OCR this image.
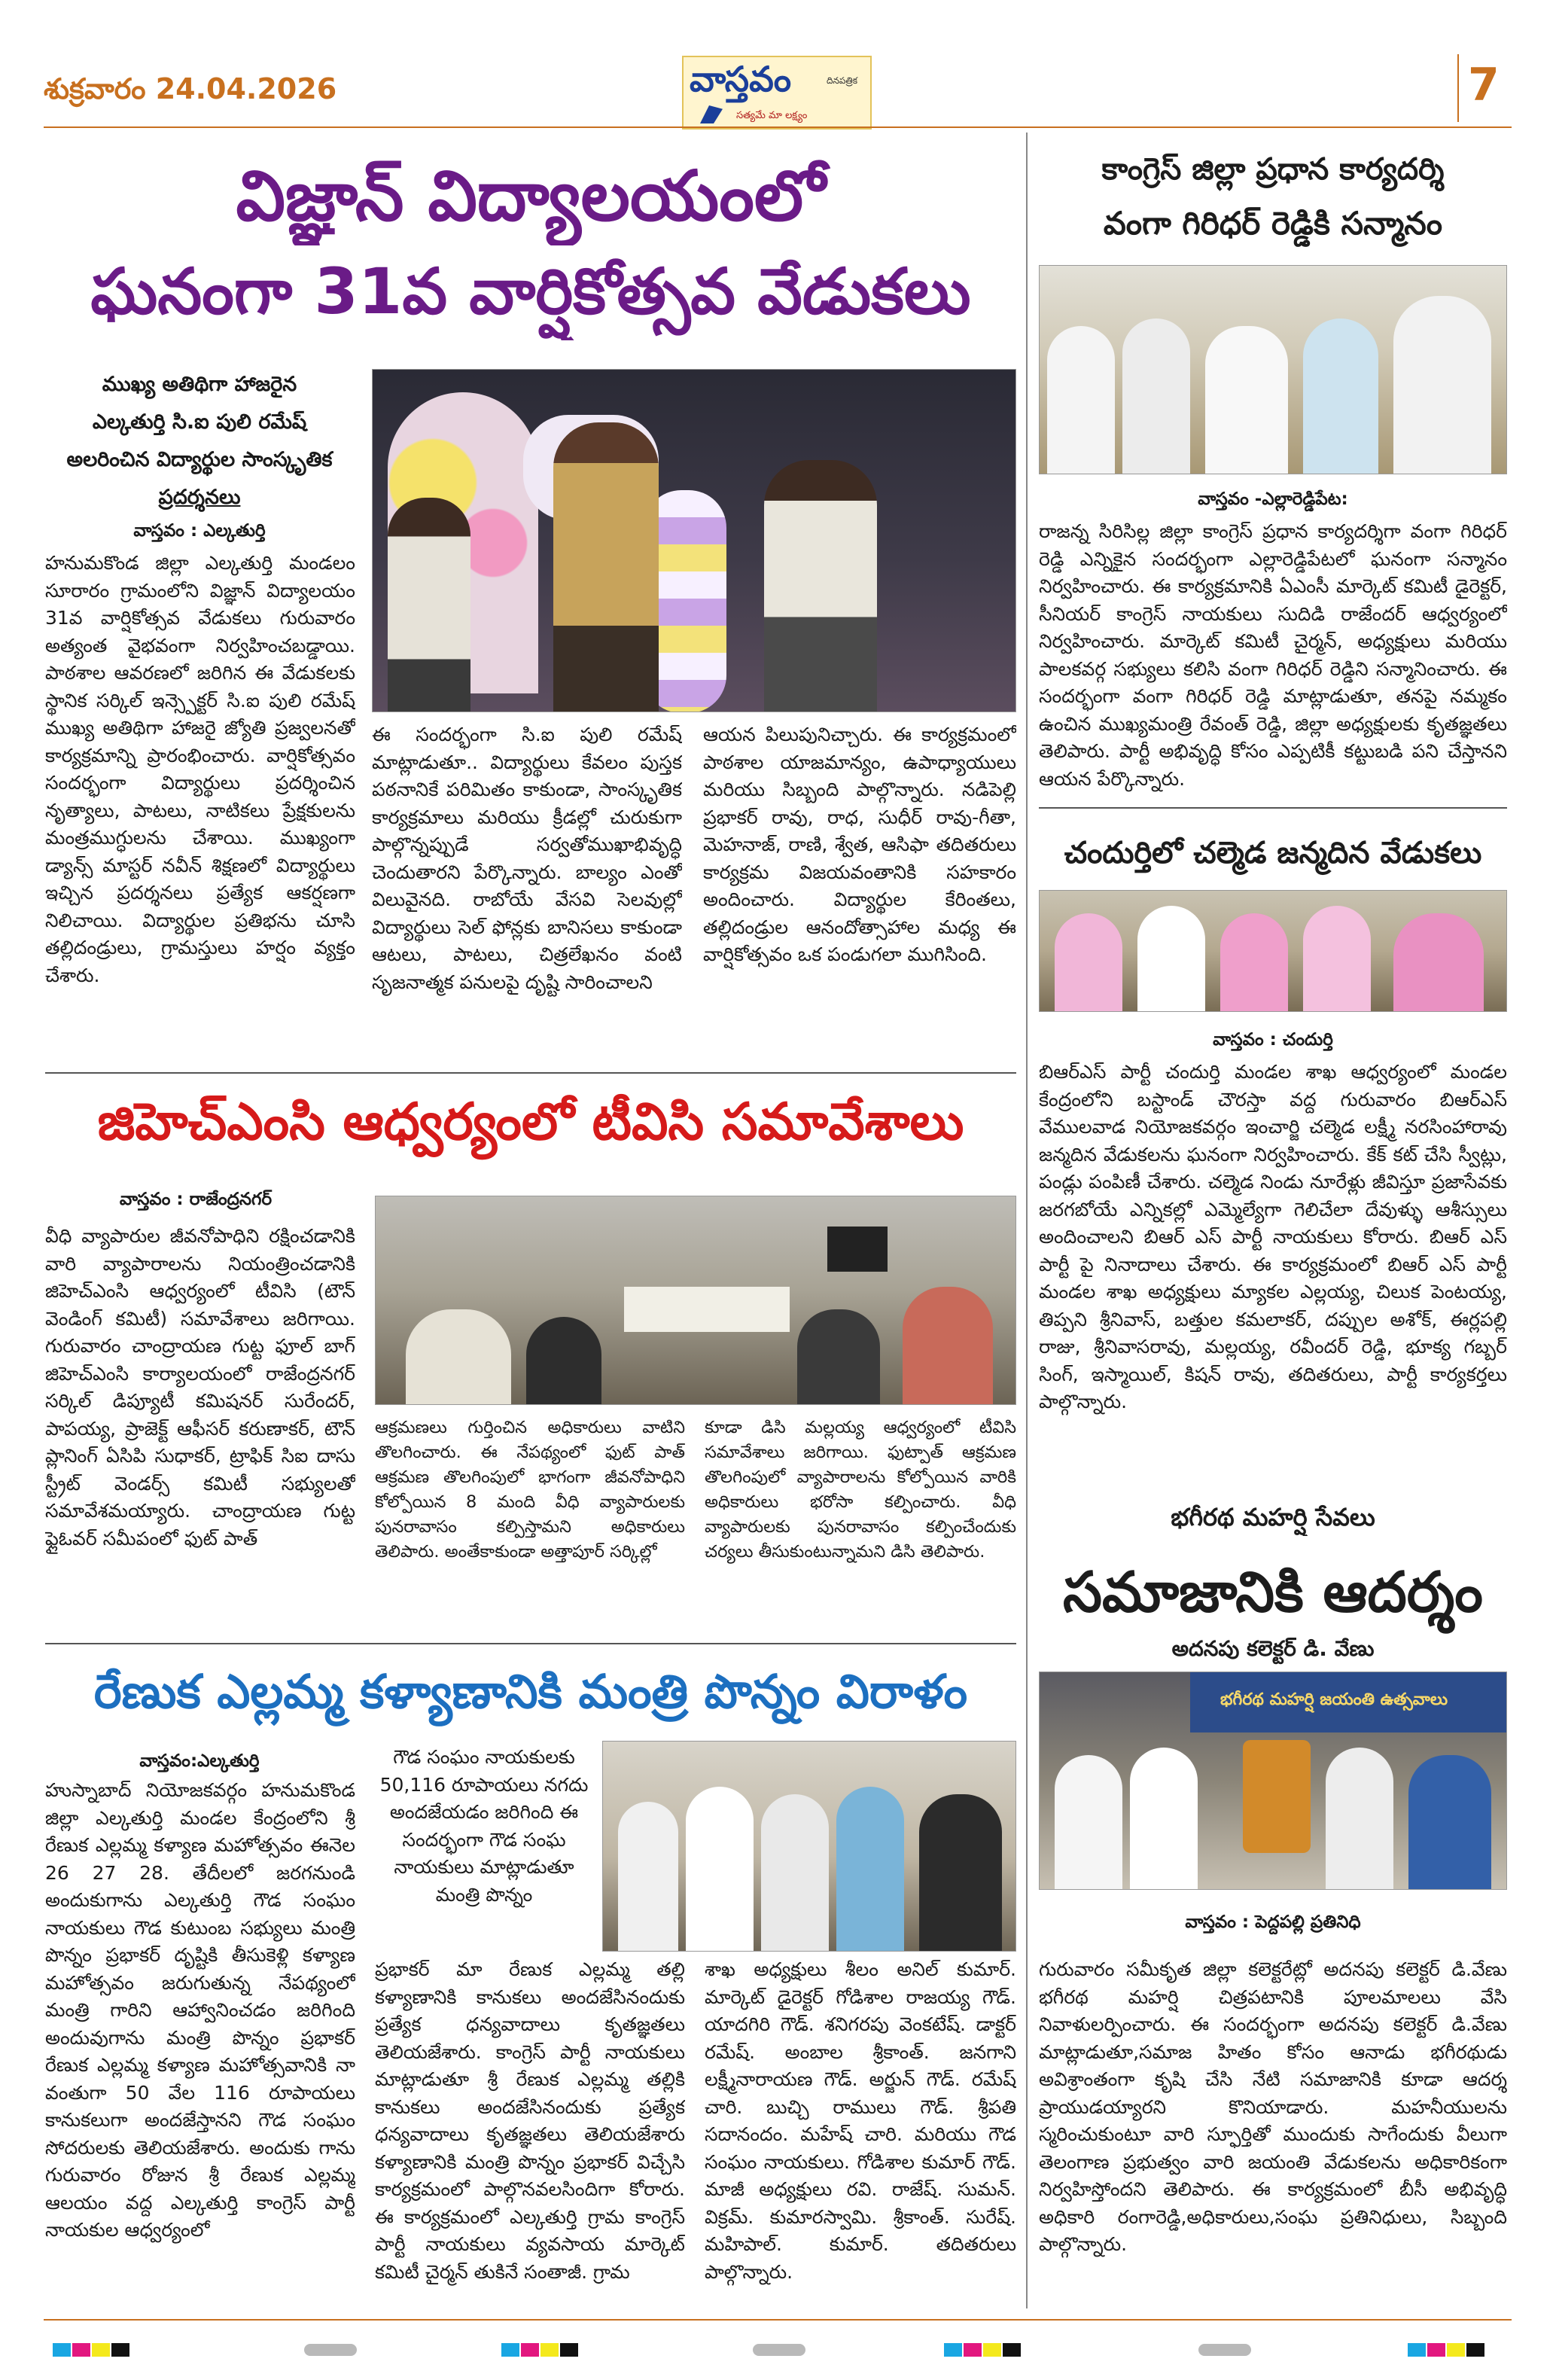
శుక్రవారం 24.04.2026	వాస్తవం	దినపత్రిక
సత్యమే మా లక్ష్యం
7
విజ్ఞాన్ విద్యాలయంలో
ఘనంగా 31వ వార్షికోత్సవ వేడుకలు
ముఖ్య అతిథిగా హాజరైన
ఎల్కతుర్తి సి.ఐ పులి రమేష్
అలరించిన విద్యార్థుల సాంస్కృతిక
ప్రదర్శనలు
వాస్తవం : ఎల్కతుర్తి
హనుమకొండ జిల్లా ఎల్కతుర్తి మండలం సూరారం గ్రామంలోని విజ్ఞాన్ విద్యాలయం 31వ వార్షికోత్సవ వేడుకలు గురువారం అత్యంత వైభవంగా నిర్వహించబడ్డాయి. పాఠశాల ఆవరణలో జరిగిన ఈ వేడుకలకు స్థానిక సర్కిల్ ఇన్స్పెక్టర్ సి.ఐ పులి రమేష్ ముఖ్య అతిథిగా హాజరై జ్యోతి ప్రజ్వలనతో కార్యక్రమాన్ని ప్రారంభించారు. వార్షికోత్సవం సందర్భంగా విద్యార్థులు ప్రదర్శించిన నృత్యాలు, పాటలు, నాటికలు ప్రేక్షకులను మంత్రముగ్ధులను చేశాయి. ముఖ్యంగా డ్యాన్స్ మాస్టర్ నవీన్ శిక్షణలో విద్యార్థులు ఇచ్చిన ప్రదర్శనలు ప్రత్యేక ఆకర్షణగా నిలిచాయి. విద్యార్థుల ప్రతిభను చూసి తల్లిదండ్రులు, గ్రామస్తులు హర్షం వ్యక్తం చేశారు.
ఈ సందర్భంగా సి.ఐ పులి రమేష్ మాట్లాడుతూ.. విద్యార్థులు కేవలం పుస్తక పఠనానికే పరిమితం కాకుండా, సాంస్కృతిక కార్యక్రమాలు మరియు క్రీడల్లో చురుకుగా పాల్గొన్నప్పుడే సర్వతోముఖాభివృద్ధి చెందుతారని పేర్కొన్నారు. బాల్యం ఎంతో విలువైనది. రాబోయే వేసవి సెలవుల్లో విద్యార్థులు సెల్ ఫోన్లకు బానిసలు కాకుండా ఆటలు, పాటలు, చిత్రలేఖనం వంటి సృజనాత్మక పనులపై దృష్టి సారించాలని
ఆయన పిలుపునిచ్చారు. ఈ కార్యక్రమంలో పాఠశాల యాజమాన్యం, ఉపాధ్యాయులు మరియు సిబ్బంది పాల్గొన్నారు. నడిపెల్లి ప్రభాకర్ రావు, రాధ, సుధీర్ రావు-గీతా, మెహనాజ్, రాణి, శ్వేత, ఆసిఫా తదితరులు కార్యక్రమ విజయవంతానికి సహకారం అందించారు. విద్యార్థుల కేరింతలు, తల్లిదండ్రుల ఆనందోత్సాహాల మధ్య ఈ వార్షికోత్సవం ఒక పండుగలా ముగిసింది.
జిహెచ్ఎంసి ఆధ్వర్యంలో టీవిసి సమావేశాలు
వాస్తవం : రాజేంద్రనగర్
వీధి వ్యాపారుల జీవనోపాధిని రక్షించడానికి వారి వ్యాపారాలను నియంత్రించడానికి జిహెచ్ఎంసి ఆధ్వర్యంలో టీవిసి (టౌన్ వెండింగ్ కమిటీ) సమావేశాలు జరిగాయి. గురువారం చాంద్రాయణ గుట్ట ఫూల్ బాగ్ జిహెచ్ఎంసి కార్యాలయంలో రాజేంద్రనగర్ సర్కిల్ డిప్యూటీ కమిషనర్ సురేందర్, పాపయ్య, ప్రాజెక్ట్ ఆఫీసర్ కరుణాకర్, టౌన్ ప్లానింగ్ ఏసిపి సుధాకర్, ట్రాఫిక్ సిఐ దాసు స్ట్రీట్ వెండర్స్ కమిటీ సభ్యులతో సమావేశమయ్యారు. చాంద్రాయణ గుట్ట ఫ్లైఓవర్ సమీపంలో ఫుట్ పాత్
ఆక్రమణలు గుర్తించిన అధికారులు వాటిని తొలగించారు. ఈ నేపథ్యంలో ఫుట్ పాత్ ఆక్రమణ తొలగింపులో భాగంగా జీవనోపాధిని కోల్పోయిన 8 మంది వీధి వ్యాపారులకు పునరావాసం కల్పిస్తామని అధికారులు తెలిపారు. అంతేకాకుండా అత్తాపూర్ సర్కిల్లో
కూడా డిసి మల్లయ్య ఆధ్వర్యంలో టీవిసి సమావేశాలు జరిగాయి. ఫుట్పాత్ ఆక్రమణ తొలగింపులో వ్యాపారాలను కోల్పోయిన వారికి అధికారులు భరోసా కల్పించారు. వీధి వ్యాపారులకు పునరావాసం కల్పించేందుకు చర్యలు తీసుకుంటున్నామని డిసి తెలిపారు.
రేణుక ఎల్లమ్మ కళ్యాణానికి మంత్రి పొన్నం విరాళం
వాస్తవం:ఎల్కతుర్తి
హుస్నాబాద్ నియోజకవర్గం హనుమకొండ జిల్లా ఎల్కతుర్తి మండల కేంద్రంలోని శ్రీ రేణుక ఎల్లమ్మ కళ్యాణ మహోత్సవం ఈనెల 26 27 28. తేదీలలో జరగనుండి అందుకుగాను ఎల్కతుర్తి గౌడ సంఘం నాయకులు గౌడ కుటుంబ సభ్యులు మంత్రి పొన్నం ప్రభాకర్ దృష్టికి తీసుకెళ్లి కళ్యాణ మహోత్సవం జరుగుతున్న నేపథ్యంలో మంత్రి గారిని ఆహ్వానించడం జరిగింది అందువుగాను మంత్రి పొన్నం ప్రభాకర్ రేణుక ఎల్లమ్మ కళ్యాణ మహోత్సవానికి నా వంతుగా 50 వేల 116 రూపాయలు కానుకలుగా అందజేస్తానని గౌడ సంఘం సోదరులకు తెలియజేశారు. అందుకు గాను గురువారం రోజున శ్రీ రేణుక ఎల్లమ్మ ఆలయం వద్ద ఎల్కతుర్తి కాంగ్రెస్ పార్టీ నాయకుల ఆధ్వర్యంలో
గౌడ సంఘం నాయకులకు 50,116 రూపాయలు నగదు అందజేయడం జరిగింది ఈ సందర్భంగా గౌడ సంఘ నాయకులు మాట్లాడుతూ మంత్రి పొన్నం
ప్రభాకర్ మా రేణుక ఎల్లమ్మ తల్లి కళ్యాణానికి కానుకలు అందజేసినందుకు ప్రత్యేక ధన్యవాదాలు కృతజ్ఞతలు తెలియజేశారు. కాంగ్రెస్ పార్టీ నాయకులు మాట్లాడుతూ శ్రీ రేణుక ఎల్లమ్మ తల్లికి కానుకలు అందజేసినందుకు ప్రత్యేక ధన్యవాదాలు కృతజ్ఞతలు తెలియజేశారు కళ్యాణానికి మంత్రి పొన్నం ప్రభాకర్ విచ్చేసి కార్యక్రమంలో పాల్గొనవలసిందిగా కోరారు. ఈ కార్యక్రమంలో ఎల్కతుర్తి గ్రామ కాంగ్రెస్ పార్టీ నాయకులు వ్యవసాయ మార్కెట్ కమిటీ చైర్మన్ తుకినే సంతాజీ. గ్రామ
శాఖ అధ్యక్షులు శీలం అనిల్ కుమార్. మార్కెట్ డైరెక్టర్ గోడిశాల రాజయ్య గౌడ్. యాదగిరి గౌడ్. శనిగరపు వెంకటేష్. డాక్టర్ రమేష్. అంబాల శ్రీకాంత్. జనగాని లక్ష్మీనారాయణ గౌడ్. అర్జున్ గౌడ్. రమేష్ చారి. బుచ్చి రాములు గౌడ్. శ్రీపతి సదానందం. మహేష్ చారి. మరియు గౌడ సంఘం నాయకులు. గోడిశాల కుమార్ గౌడ్. మాజీ అధ్యక్షులు రవి. రాజేష్. సుమన్. విక్రమ్. కుమారస్వామి. శ్రీకాంత్. సురేష్. మహిపాల్. కుమార్. తదితరులు పాల్గొన్నారు.
కాంగ్రెస్ జిల్లా ప్రధాన కార్యదర్శి
వంగా గిరిధర్ రెడ్డికి సన్మానం
వాస్తవం -ఎల్లారెడ్డిపేట:
రాజన్న సిరిసిల్ల జిల్లా కాంగ్రెస్ ప్రధాన కార్యదర్శిగా వంగా గిరిధర్ రెడ్డి ఎన్నికైన సందర్భంగా ఎల్లారెడ్డిపేటలో ఘనంగా సన్మానం నిర్వహించారు. ఈ కార్యక్రమానికి ఏఎంసీ మార్కెట్ కమిటీ డైరెక్టర్, సీనియర్ కాంగ్రెస్ నాయకులు సుదిడి రాజేందర్ ఆధ్వర్యంలో నిర్వహించారు. మార్కెట్ కమిటీ చైర్మన్, అధ్యక్షులు మరియు పాలకవర్గ సభ్యులు కలిసి వంగా గిరిధర్ రెడ్డిని సన్మానించారు. ఈ సందర్భంగా వంగా గిరిధర్ రెడ్డి మాట్లాడుతూ, తనపై నమ్మకం ఉంచిన ముఖ్యమంత్రి రేవంత్ రెడ్డి, జిల్లా అధ్యక్షులకు కృతజ్ఞతలు తెలిపారు. పార్టీ అభివృద్ధి కోసం ఎప్పటికీ కట్టుబడి పని చేస్తానని ఆయన పేర్కొన్నారు.
చందుర్తిలో చల్మెడ జన్మదిన వేడుకలు
వాస్తవం : చందుర్తి
బిఆర్ఎస్ పార్టీ చందుర్తి మండల శాఖ ఆధ్వర్యంలో మండల కేంద్రంలోని బస్టాండ్ చౌరస్తా వద్ద గురువారం బిఆర్ఎస్ వేములవాడ నియోజకవర్గం ఇంచార్జి చల్మెడ లక్ష్మీ నరసింహారావు జన్మదిన వేడుకలను ఘనంగా నిర్వహించారు. కేక్ కట్ చేసి స్వీట్లు, పండ్లు పంపిణీ చేశారు. చల్మెడ నిండు నూరేళ్లు జీవిస్తూ ప్రజాసేవకు జరగబోయే ఎన్నికల్లో ఎమ్మెల్యేగా గెలిచేలా దేవుళ్ళు ఆశీస్సులు అందించాలని బిఆర్ ఎస్ పార్టీ నాయకులు కోరారు. బిఆర్ ఎస్ పార్టీ పై నినాదాలు చేశారు. ఈ కార్యక్రమంలో బిఆర్ ఎస్ పార్టీ మండల శాఖ అధ్యక్షులు మ్యాకల ఎల్లయ్య, చిలుక పెంటయ్య, తిప్పని శ్రీనివాస్, బత్తుల కమలాకర్, దప్పుల అశోక్, ఈర్లపల్లి రాజు, శ్రీనివాసరావు, మల్లయ్య, రవీందర్ రెడ్డి, భూక్య గబ్బర్ సింగ్, ఇస్మాయిల్, కిషన్ రావు, తదితరులు, పార్టీ కార్యకర్తలు పాల్గొన్నారు.
భగీరథ మహర్షి సేవలు
సమాజానికి ఆదర్శం
అదనపు కలెక్టర్ డి. వేణు
భగీరథ మహర్షి జయంతి ఉత్సవాలు
వాస్తవం : పెద్దపల్లి ప్రతినిధి
గురువారం సమీకృత జిల్లా కలెక్టరేట్లో అదనపు కలెక్టర్ డి.వేణు భగీరథ మహర్షి చిత్రపటానికి పూలమాలలు వేసి నివాళులర్పించారు. ఈ సందర్భంగా అదనపు కలెక్టర్ డి.వేణు మాట్లాడుతూ,సమాజ హితం కోసం ఆనాడు భగీరథుడు అవిశ్రాంతంగా కృషి చేసి నేటి సమాజానికి కూడా ఆదర్శ ప్రాయుడయ్యారని కొనియాడారు. మహనీయులను స్మరించుకుంటూ వారి స్ఫూర్తితో ముందుకు సాగేందుకు వీలుగా తెలంగాణ ప్రభుత్వం వారి జయంతి వేడుకలను అధికారికంగా నిర్వహిస్తోందని తెలిపారు. ఈ కార్యక్రమంలో బీసీ అభివృద్ధి అధికారి రంగారెడ్డి,అధికారులు,సంఘ ప్రతినిధులు, సిబ్బంది పాల్గొన్నారు.
